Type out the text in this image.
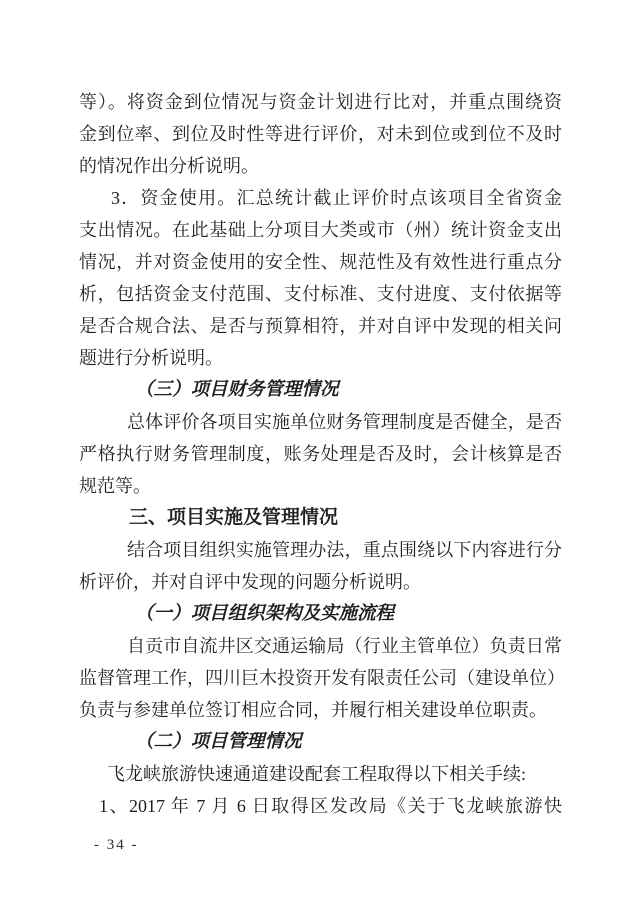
等）。将资金到位情况与资金计划进行比对，并重点围绕资
金到位率、到位及时性等进行评价，对未到位或到位不及时
的情况作出分析说明。
3．资金使用。汇总统计截止评价时点该项目全省资金
支出情况。在此基础上分项目大类或市（州）统计资金支出
情况，并对资金使用的安全性、规范性及有效性进行重点分
析，包括资金支付范围、支付标准、支付进度、支付依据等
是否合规合法、是否与预算相符，并对自评中发现的相关问
题进行分析说明。
（三）项目财务管理情况
总体评价各项目实施单位财务管理制度是否健全，是否
严格执行财务管理制度，账务处理是否及时，会计核算是否
规范等。
三、项目实施及管理情况
结合项目组织实施管理办法，重点围绕以下内容进行分
析评价，并对自评中发现的问题分析说明。
（一）项目组织架构及实施流程
自贡市自流井区交通运输局（行业主管单位）负责日常
监督管理工作，四川巨木投资开发有限责任公司（建设单位）
负责与参建单位签订相应合同，并履行相关建设单位职责。
（二）项目管理情况
飞龙峡旅游快速通道建设配套工程取得以下相关手续:
1、2017 年 7 月 6 日取得区发改局《关于飞龙峡旅游快
- 34 -
